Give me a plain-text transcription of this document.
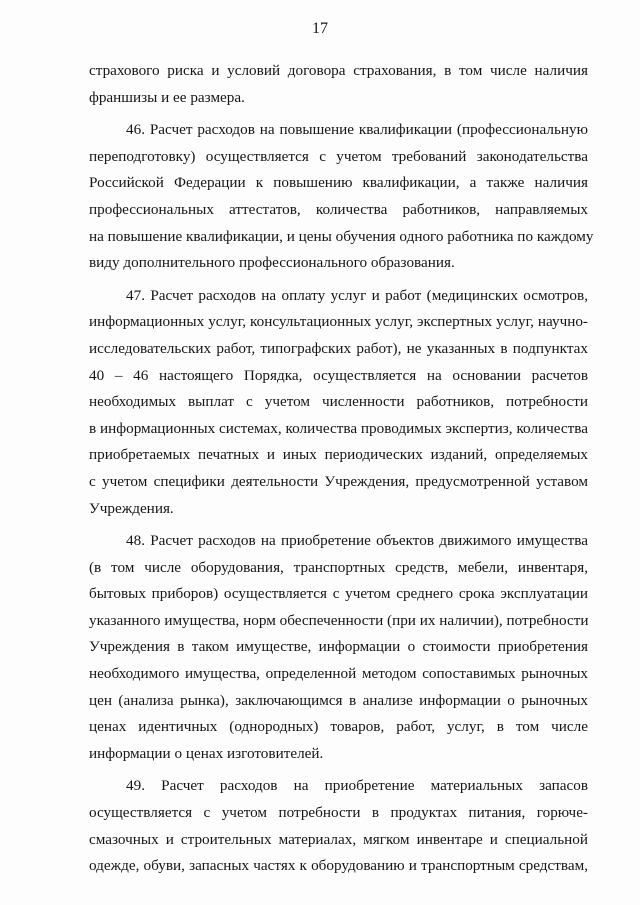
17
страхового риска и условий договора страхования, в том числе наличия
франшизы и ее размера.
46. Расчет расходов на повышение квалификации (профессиональную
переподготовку) осуществляется с учетом требований законодательства
Российской Федерации к повышению квалификации, а также наличия
профессиональных аттестатов, количества работников, направляемых
на повышение квалификации, и цены обучения одного работника по каждому
виду дополнительного профессионального образования.
47. Расчет расходов на оплату услуг и работ (медицинских осмотров,
информационных услуг, консультационных услуг, экспертных услуг, научно-
исследовательских работ, типографских работ), не указанных в подпунктах
40 – 46 настоящего Порядка, осуществляется на основании расчетов
необходимых выплат с учетом численности работников, потребности
в информационных системах, количества проводимых экспертиз, количества
приобретаемых печатных и иных периодических изданий, определяемых
с учетом специфики деятельности Учреждения, предусмотренной уставом
Учреждения.
48. Расчет расходов на приобретение объектов движимого имущества
(в том числе оборудования, транспортных средств, мебели, инвентаря,
бытовых приборов) осуществляется с учетом среднего срока эксплуатации
указанного имущества, норм обеспеченности (при их наличии), потребности
Учреждения в таком имуществе, информации о стоимости приобретения
необходимого имущества, определенной методом сопоставимых рыночных
цен (анализа рынка), заключающимся в анализе информации о рыночных
ценах идентичных (однородных) товаров, работ, услуг, в том числе
информации о ценах изготовителей.
49. Расчет расходов на приобретение материальных запасов
осуществляется с учетом потребности в продуктах питания, горюче-
смазочных и строительных материалах, мягком инвентаре и специальной
одежде, обуви, запасных частях к оборудованию и транспортным средствам,
